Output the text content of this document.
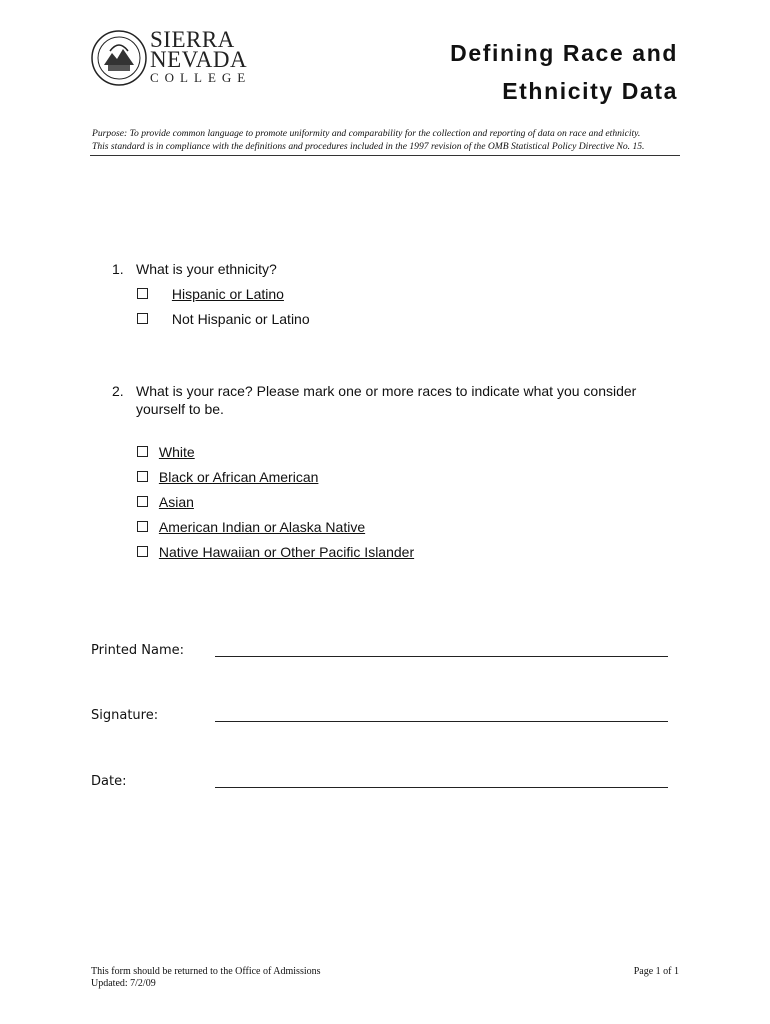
SIERRA
NEVADA
COLLEGE
Defining Race and
Ethnicity Data
Purpose: To provide common language to promote uniformity and comparability for the collection and reporting of data on race and ethnicity.
This standard is in compliance with the definitions and procedures included in the 1997 revision of the OMB Statistical Policy Directive No. 15.
1. What is your ethnicity?
Hispanic or Latino
Not Hispanic or Latino
2. What is your race? Please mark one or more races to indicate what you consider
yourself to be.
White
Black or African American
Asian
American Indian or Alaska Native
Native Hawaiian or Other Pacific Islander
Printed Name:
Signature:
Date:
This form should be returned to the Office of Admissions
Updated: 7/2/09
Page 1 of 1
